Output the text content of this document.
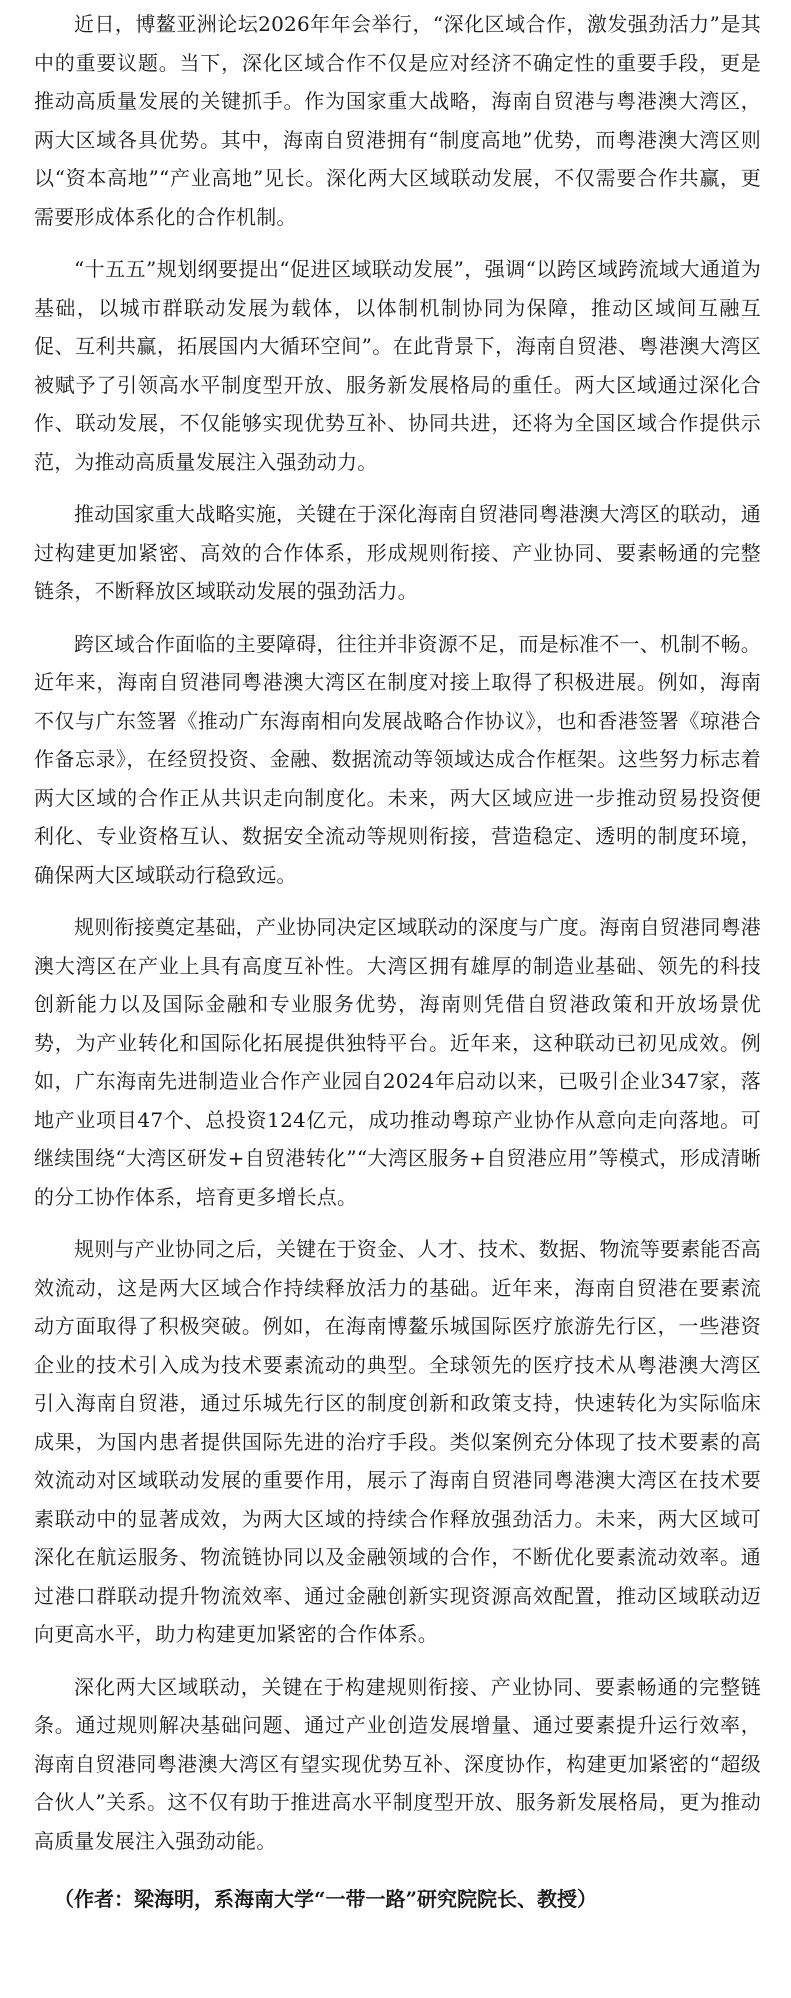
近日，博鳌亚洲论坛2026年年会举行，“深化区域合作，激发强劲活力”是其中的重要议题。当下，深化区域合作不仅是应对经济不确定性的重要手段，更是推动高质量发展的关键抓手。作为国家重大战略，海南自贸港与粤港澳大湾区，两大区域各具优势。其中，海南自贸港拥有“制度高地”优势，而粤港澳大湾区则以“资本高地”“产业高地”见长。深化两大区域联动发展，不仅需要合作共赢，更需要形成体系化的合作机制。

“十五五”规划纲要提出“促进区域联动发展”，强调“以跨区域跨流域大通道为基础，以城市群联动发展为载体，以体制机制协同为保障，推动区域间互融互促、互利共赢，拓展国内大循环空间”。在此背景下，海南自贸港、粤港澳大湾区被赋予了引领高水平制度型开放、服务新发展格局的重任。两大区域通过深化合作、联动发展，不仅能够实现优势互补、协同共进，还将为全国区域合作提供示范，为推动高质量发展注入强劲动力。

推动国家重大战略实施，关键在于深化海南自贸港同粤港澳大湾区的联动，通过构建更加紧密、高效的合作体系，形成规则衔接、产业协同、要素畅通的完整链条，不断释放区域联动发展的强劲活力。

跨区域合作面临的主要障碍，往往并非资源不足，而是标准不一、机制不畅。近年来，海南自贸港同粤港澳大湾区在制度对接上取得了积极进展。例如，海南不仅与广东签署《推动广东海南相向发展战略合作协议》，也和香港签署《琼港合作备忘录》，在经贸投资、金融、数据流动等领域达成合作框架。这些努力标志着两大区域的合作正从共识走向制度化。未来，两大区域应进一步推动贸易投资便利化、专业资格互认、数据安全流动等规则衔接，营造稳定、透明的制度环境，确保两大区域联动行稳致远。

规则衔接奠定基础，产业协同决定区域联动的深度与广度。海南自贸港同粤港澳大湾区在产业上具有高度互补性。大湾区拥有雄厚的制造业基础、领先的科技创新能力以及国际金融和专业服务优势，海南则凭借自贸港政策和开放场景优势，为产业转化和国际化拓展提供独特平台。近年来，这种联动已初见成效。例如，广东海南先进制造业合作产业园自2024年启动以来，已吸引企业347家，落地产业项目47个、总投资124亿元，成功推动粤琼产业协作从意向走向落地。可继续围绕“大湾区研发+自贸港转化”“大湾区服务+自贸港应用”等模式，形成清晰的分工协作体系，培育更多增长点。

规则与产业协同之后，关键在于资金、人才、技术、数据、物流等要素能否高效流动，这是两大区域合作持续释放活力的基础。近年来，海南自贸港在要素流动方面取得了积极突破。例如，在海南博鳌乐城国际医疗旅游先行区，一些港资企业的技术引入成为技术要素流动的典型。全球领先的医疗技术从粤港澳大湾区引入海南自贸港，通过乐城先行区的制度创新和政策支持，快速转化为实际临床成果，为国内患者提供国际先进的治疗手段。类似案例充分体现了技术要素的高效流动对区域联动发展的重要作用，展示了海南自贸港同粤港澳大湾区在技术要素联动中的显著成效，为两大区域的持续合作释放强劲活力。未来，两大区域可深化在航运服务、物流链协同以及金融领域的合作，不断优化要素流动效率。通过港口群联动提升物流效率、通过金融创新实现资源高效配置，推动区域联动迈向更高水平，助力构建更加紧密的合作体系。

深化两大区域联动，关键在于构建规则衔接、产业协同、要素畅通的完整链条。通过规则解决基础问题、通过产业创造发展增量、通过要素提升运行效率，海南自贸港同粤港澳大湾区有望实现优势互补、深度协作，构建更加紧密的“超级合伙人”关系。这不仅有助于推进高水平制度型开放、服务新发展格局，更为推动高质量发展注入强劲动能。

（作者：梁海明，系海南大学“一带一路”研究院院长、教授）
